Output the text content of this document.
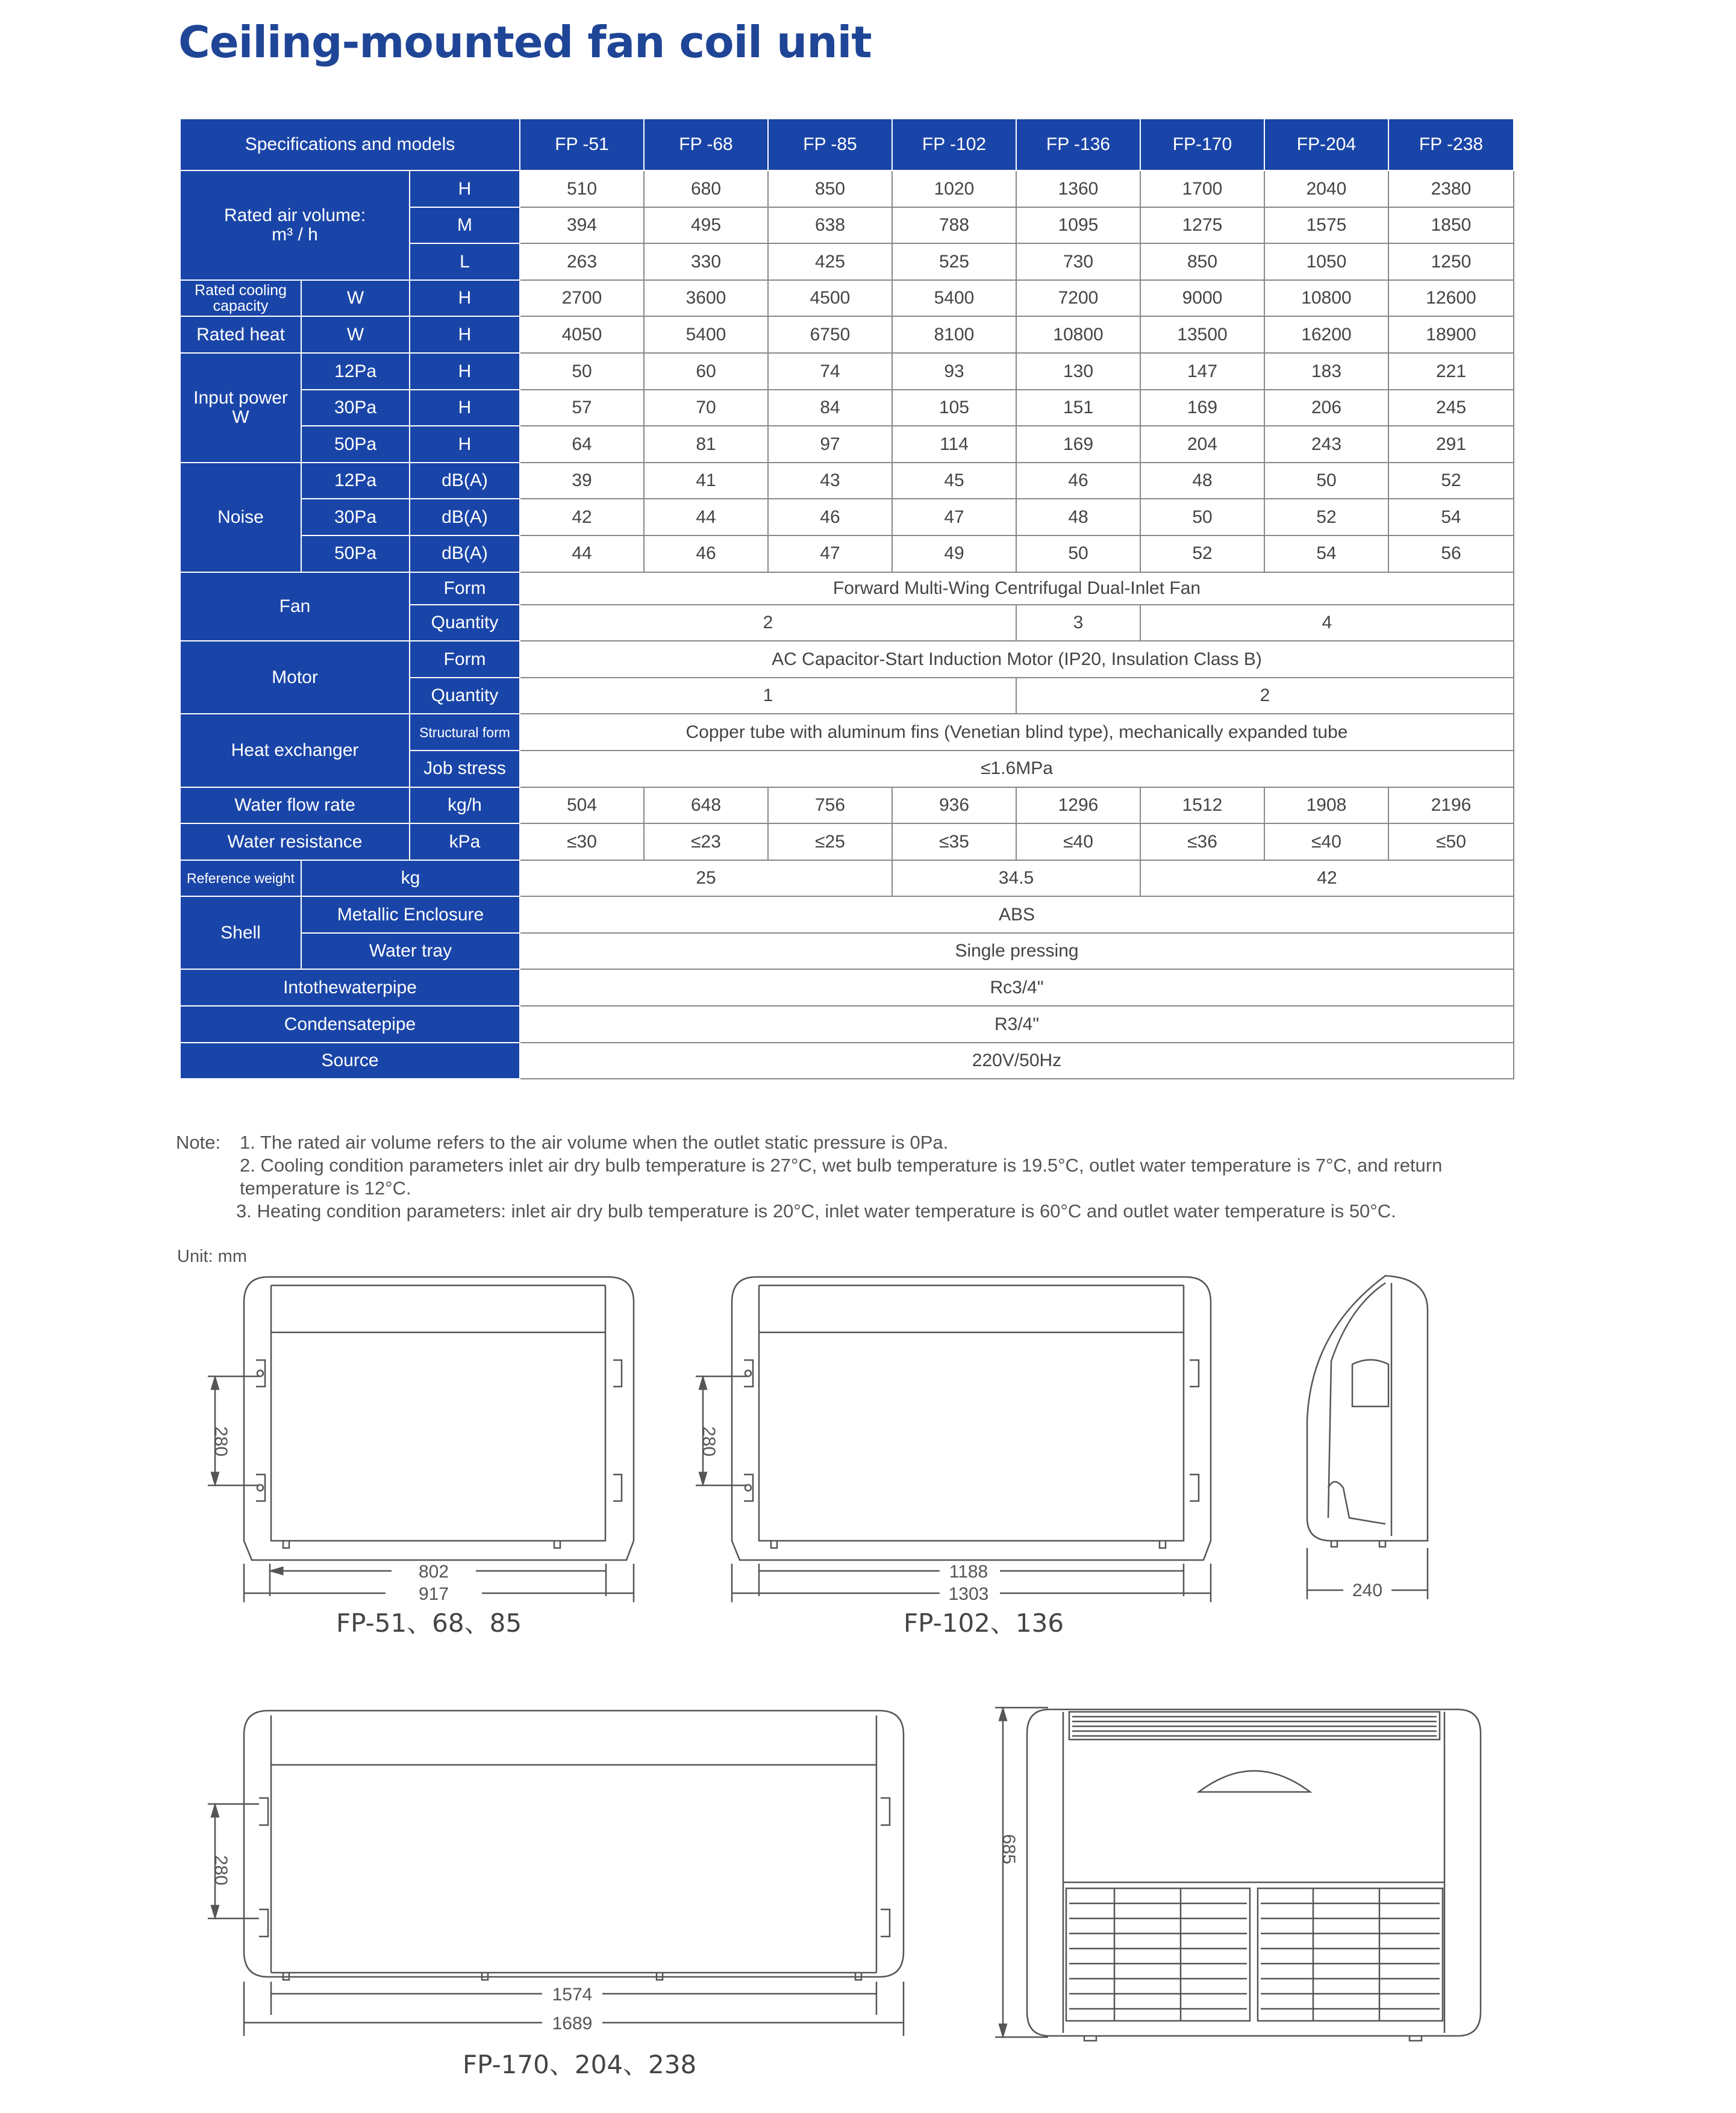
Ceiling-mounted fan coil unit
Specifications and models			FP -51	FP -68	FP -85	FP -102	FP -136	FP-170	FP-204	FP -238
Rated air volume:
m³ / h		H	510	680	850	1020	1360	1700	2040	2380
		M	394	495	638	788	1095	1275	1575	1850
		L	263	330	425	525	730	850	1050	1250
Rated cooling capacity	W	H	2700	3600	4500	5400	7200	9000	10800	12600
Rated heat	W	H	4050	5400	6750	8100	10800	13500	16200	18900
Input power
W	12Pa	H	50	60	74	93	130	147	183	221
	30Pa	H	57	70	84	105	151	169	206	245
	50Pa	H	64	81	97	114	169	204	243	291
Noise	12Pa	dB(A)	39	41	43	45	46	48	50	52
	30Pa	dB(A)	42	44	46	47	48	50	52	54
	50Pa	dB(A)	44	46	47	49	50	52	54	56
Fan		Form	Forward Multi-Wing Centrifugal Dual-Inlet Fan							
		Quantity	2				3	4		
Motor		Form	AC Capacitor-Start Induction Motor (IP20, Insulation Class B)							
		Quantity	1				2			
Heat exchanger		Structural form	Copper tube with aluminum fins (Venetian blind type), mechanically expanded tube							
		Job stress	≤1.6MPa							
Water flow rate		kg/h	504	648	756	936	1296	1512	1908	2196
Water resistance		kPa	≤30	≤23	≤25	≤35	≤40	≤36	≤40	≤50
Reference weight	kg		25			34.5		42		
Shell	Metallic Enclosure		ABS							
	Water tray		Single pressing							
Intothewaterpipe			Rc3/4"							
Condensatepipe			R3/4"							
Source			220V/50Hz							
Note: 1. The rated air volume refers to the air volume when the outlet static pressure is 0Pa.
2. Cooling condition parameters inlet air dry bulb temperature is 27°C, wet bulb temperature is 19.5°C, outlet water temperature is 7°C, and return
temperature is 12°C.
3. Heating condition parameters: inlet air dry bulb temperature is 20°C, inlet water temperature is 60°C and outlet water temperature is 50°C.
Unit: mm
280
802
917
280
1188
1303	240
280
1574
1689
685
FP-51、68、85	FP-102、136
FP-170、204、238
